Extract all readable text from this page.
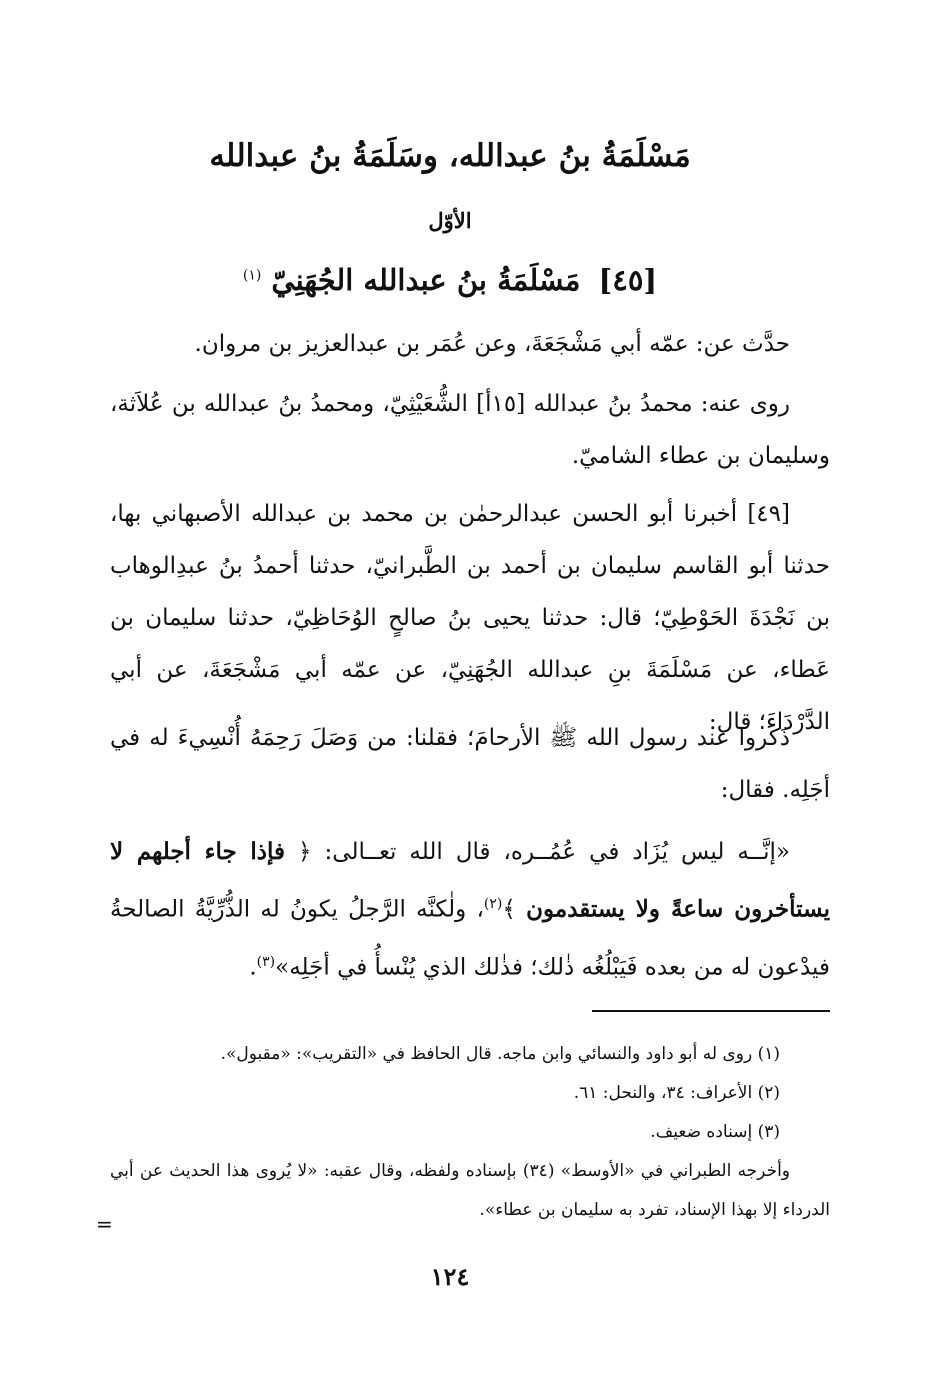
مَسْلَمَةُ بنُ عبدالله، وسَلَمَةُ بنُ عبدالله
الأوّل
[٤٥] مَسْلَمَةُ بنُ عبدالله الجُهَنِيّ $^{(١)}$
حدَّث عن: عمّه أبي مَشْجَعَةَ، وعن عُمَر بن عبدالعزيز بن مروان.
روى عنه: محمدُ بنُ عبدالله [١٥أ] الشُّعَيْثِيّ، ومحمدُ بنُ عبدالله بن عُلاَثة، وسليمان بن عطاء الشاميّ.
[٤٩] أخبرنا أبو الحسن عبدالرحمٰن بن محمد بن عبدالله الأصبهاني بها، حدثنا أبو القاسم سليمان بن أحمد بن الطَّبرانيّ، حدثنا أحمدُ بنُ عبدِالوهاب بن نَجْدَةَ الحَوْطِيّ؛ قال: حدثنا يحيى بنُ صالحٍ الوُحَاظِيّ، حدثنا سليمان بن عَطاء، عن مَسْلَمَةَ بنِ عبدالله الجُهَنِيّ، عن عمّه أبي مَشْجَعَةَ، عن أبي الدَّرْدَاءَ؛ قال:
ذَكَروا عند رسول الله ﷺ الأرحامَ؛ فقلنا: من وَصَلَ رَحِمَهُ أُنْسِيءَ له في أجَلِه. فقال:
«إنَّــه ليس يُزَاد في عُمُــره، قال الله تعــالى: ﴿ فإذا جاء أجلهم لا يستأخرون ساعةً ولا يستقدمون ﴾$^{(٢)}$، ولٰكنَّه الرَّجلُ يكونُ له الذُّرِّيَّةُ الصالحةُ فيدْعون له من بعده فَيَبْلُغُه ذٰلك؛ فذٰلك الذي يُنْسأُ في أجَلِه»$^{(٣)}$.
(١) روى له أبو داود والنسائي وابن ماجه. قال الحافظ في «التقريب»: «مقبول».
(٢) الأعراف: ٣٤، والنحل: ٦١.
(٣) إسناده ضعيف.
وأخرجه الطبراني في «الأوسط» (٣٤) بإسناده ولفظه، وقال عقبه: «لا يُروى هذا الحديث عن أبي الدرداء إلا بهذا الإسناد، تفرد به سليمان بن عطاء».
=
١٢٤
